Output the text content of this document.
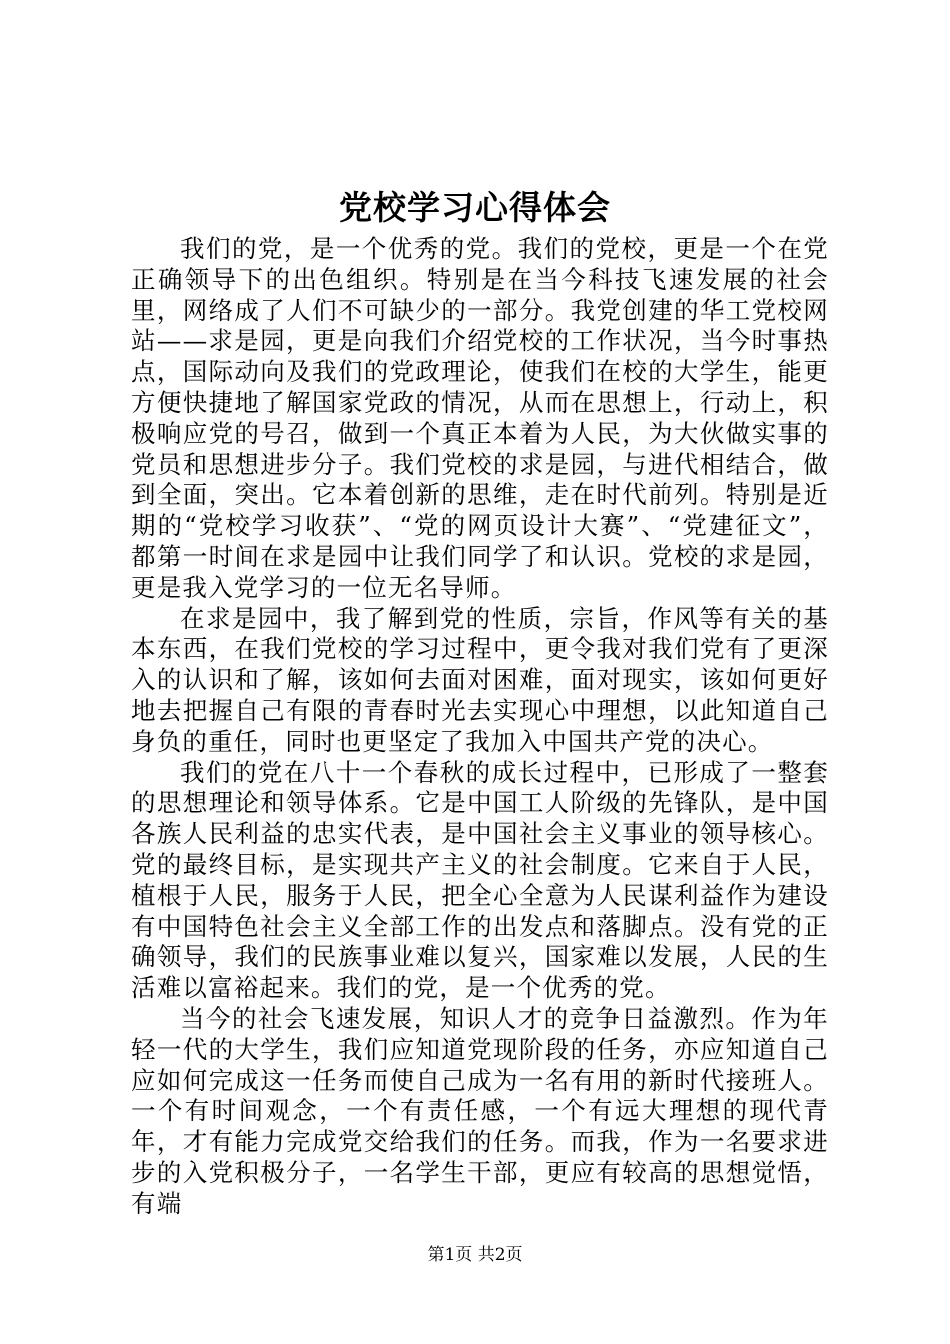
党校学习心得体会

我们的党，是一个优秀的党。我们的党校，更是一个在党正确领导下的出色组织。特别是在当今科技飞速发展的社会里，网络成了人们不可缺少的一部分。我党创建的华工党校网站——求是园，更是向我们介绍党校的工作状况，当今时事热点，国际动向及我们的党政理论，使我们在校的大学生，能更方便快捷地了解国家党政的情况，从而在思想上，行动上，积极响应党的号召，做到一个真正本着为人民，为大伙做实事的党员和思想进步分子。我们党校的求是园，与进代相结合，做到全面，突出。它本着创新的思维，走在时代前列。特别是近期的“党校学习收获”、“党的网页设计大赛”、“党建征文”，都第一时间在求是园中让我们同学了和认识。党校的求是园，更是我入党学习的一位无名导师。

在求是园中，我了解到党的性质，宗旨，作风等有关的基本东西，在我们党校的学习过程中，更令我对我们党有了更深入的认识和了解，该如何去面对困难，面对现实，该如何更好地去把握自己有限的青春时光去实现心中理想，以此知道自己身负的重任，同时也更坚定了我加入中国共产党的决心。

我们的党在八十一个春秋的成长过程中，已形成了一整套的思想理论和领导体系。它是中国工人阶级的先锋队，是中国各族人民利益的忠实代表，是中国社会主义事业的领导核心。党的最终目标，是实现共产主义的社会制度。它来自于人民，植根于人民，服务于人民，把全心全意为人民谋利益作为建设有中国特色社会主义全部工作的出发点和落脚点。没有党的正确领导，我们的民族事业难以复兴，国家难以发展，人民的生活难以富裕起来。我们的党，是一个优秀的党。

当今的社会飞速发展，知识人才的竞争日益激烈。作为年轻一代的大学生，我们应知道党现阶段的任务，亦应知道自己应如何完成这一任务而使自己成为一名有用的新时代接班人。一个有时间观念，一个有责任感，一个有远大理想的现代青年，才有能力完成党交给我们的任务。而我，作为一名要求进步的入党积极分子，一名学生干部，更应有较高的思想觉悟，有端

第1页 共2页
